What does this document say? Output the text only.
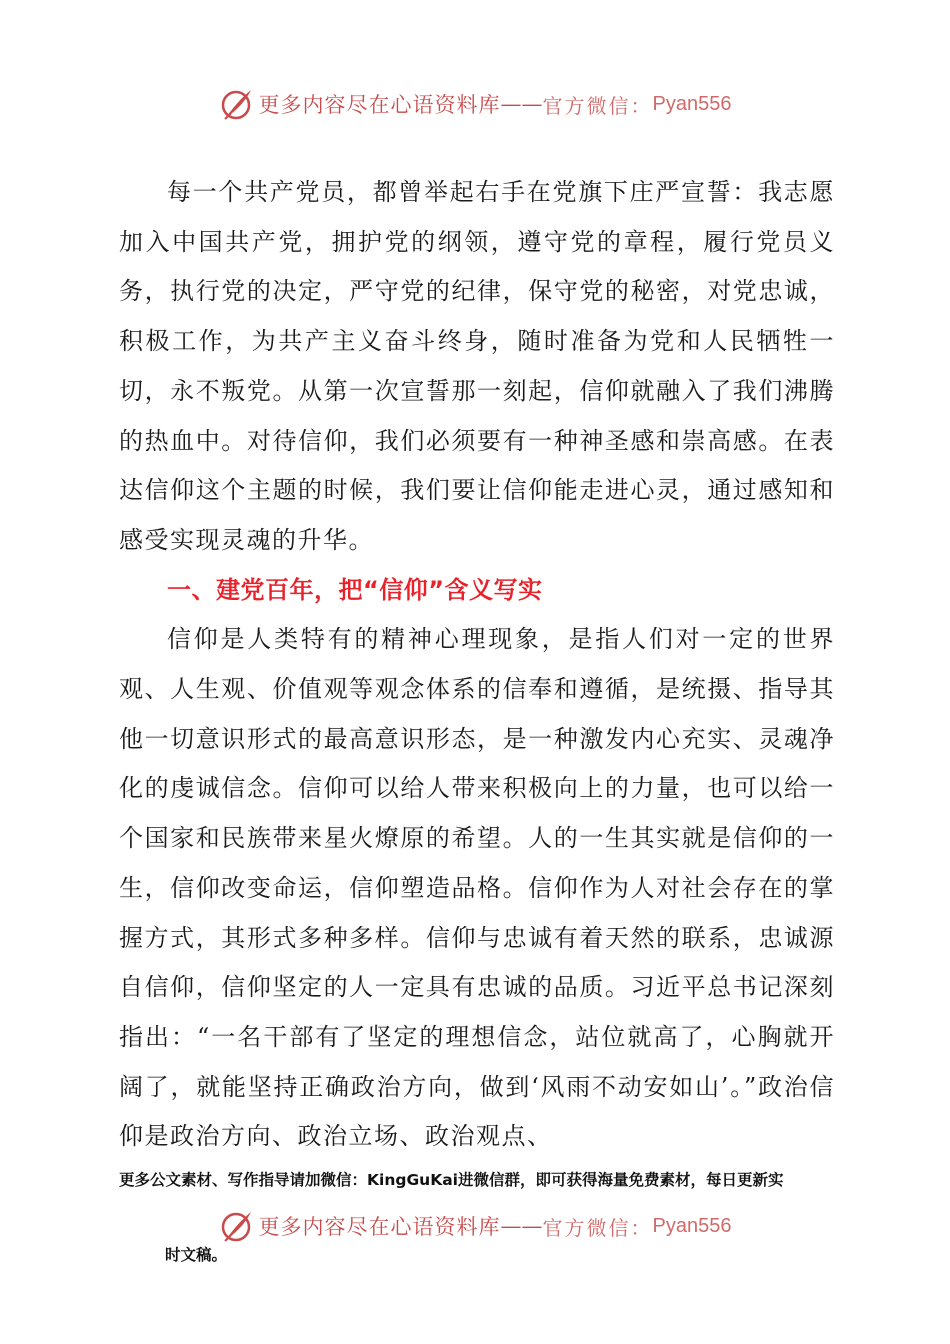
更多内容尽在心语资料库 —— 官方微信： Pyan556

每一个共产党员，都曾举起右手在党旗下庄严宣誓：我志愿加入中国共产党，拥护党的纲领，遵守党的章程，履行党员义务，执行党的决定，严守党的纪律，保守党的秘密，对党忠诚，积极工作，为共产主义奋斗终身，随时准备为党和人民牺牲一切，永不叛党。从第一次宣誓那一刻起，信仰就融入了我们沸腾的热血中。对待信仰，我们必须要有一种神圣感和崇高感。在表达信仰这个主题的时候，我们要让信仰能走进心灵，通过感知和感受实现灵魂的升华。

一、建党百年，把“信仰”含义写实

信仰是人类特有的精神心理现象，是指人们对一定的世界观、人生观、价值观等观念体系的信奉和遵循，是统摄、指导其他一切意识形式的最高意识形态，是一种激发内心充实、灵魂净化的虔诚信念。信仰可以给人带来积极向上的力量，也可以给一个国家和民族带来星火燎原的希望。人的一生其实就是信仰的一生，信仰改变命运，信仰塑造品格。信仰作为人对社会存在的掌握方式，其形式多种多样。信仰与忠诚有着天然的联系，忠诚源自信仰，信仰坚定的人一定具有忠诚的品质。习近平总书记深刻指出：“一名干部有了坚定的理想信念，站位就高了，心胸就开阔了，就能坚持正确政治方向，做到‘风雨不动安如山’。”政治信仰是政治方向、政治立场、政治观点、

更多公文素材、写作指导请加微信：KingGuKai进微信群，即可获得海量免费素材，每日更新实
更多内容尽在心语资料库 —— 官方微信： Pyan556
时文稿。
